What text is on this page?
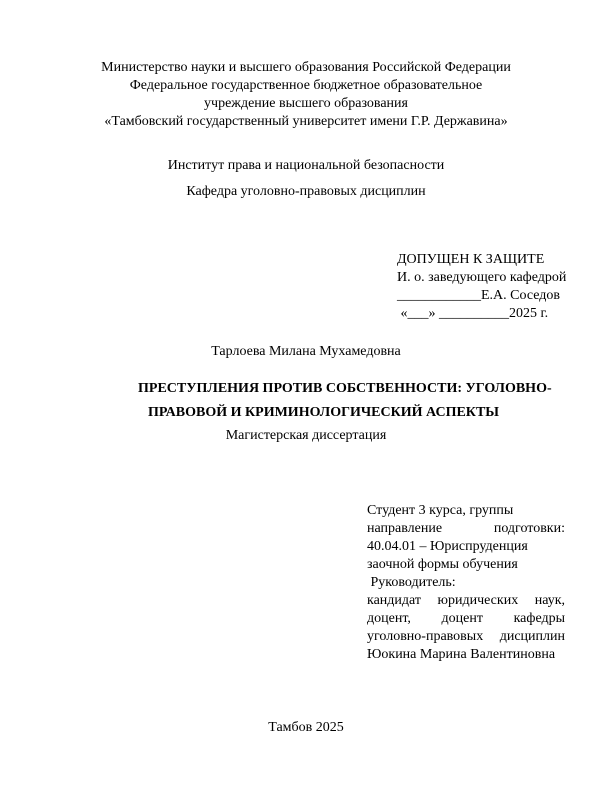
Министерство науки и высшего образования Российской Федерации
Федеральное государственное бюджетное образовательное
учреждение высшего образования
«Тамбовский государственный университет имени Г.Р. Державина»
Институт права и национальной безопасности
Кафедра уголовно-правовых дисциплин
ДОПУЩЕН К ЗАЩИТЕ
И. о. заведующего кафедрой
____________Е.А. Соседов
«___» __________2025 г.
Тарлоева Милана Мухамедовна
ПРЕСТУПЛЕНИЯ ПРОТИВ СОБСТВЕННОСТИ: УГОЛОВНО-
ПРАВОВОЙ И КРИМИНОЛОГИЧЕСКИЙ АСПЕКТЫ
Магистерская диссертация
Студент 3 курса, группы
направление	подготовки:
40.04.01 – Юриспруденция
заочной формы обучения
Руководитель:
кандидат юридических наук,
доцент, доцент кафедры
уголовно-правовых дисциплин
Юокина Марина Валентиновна
Тамбов 2025
